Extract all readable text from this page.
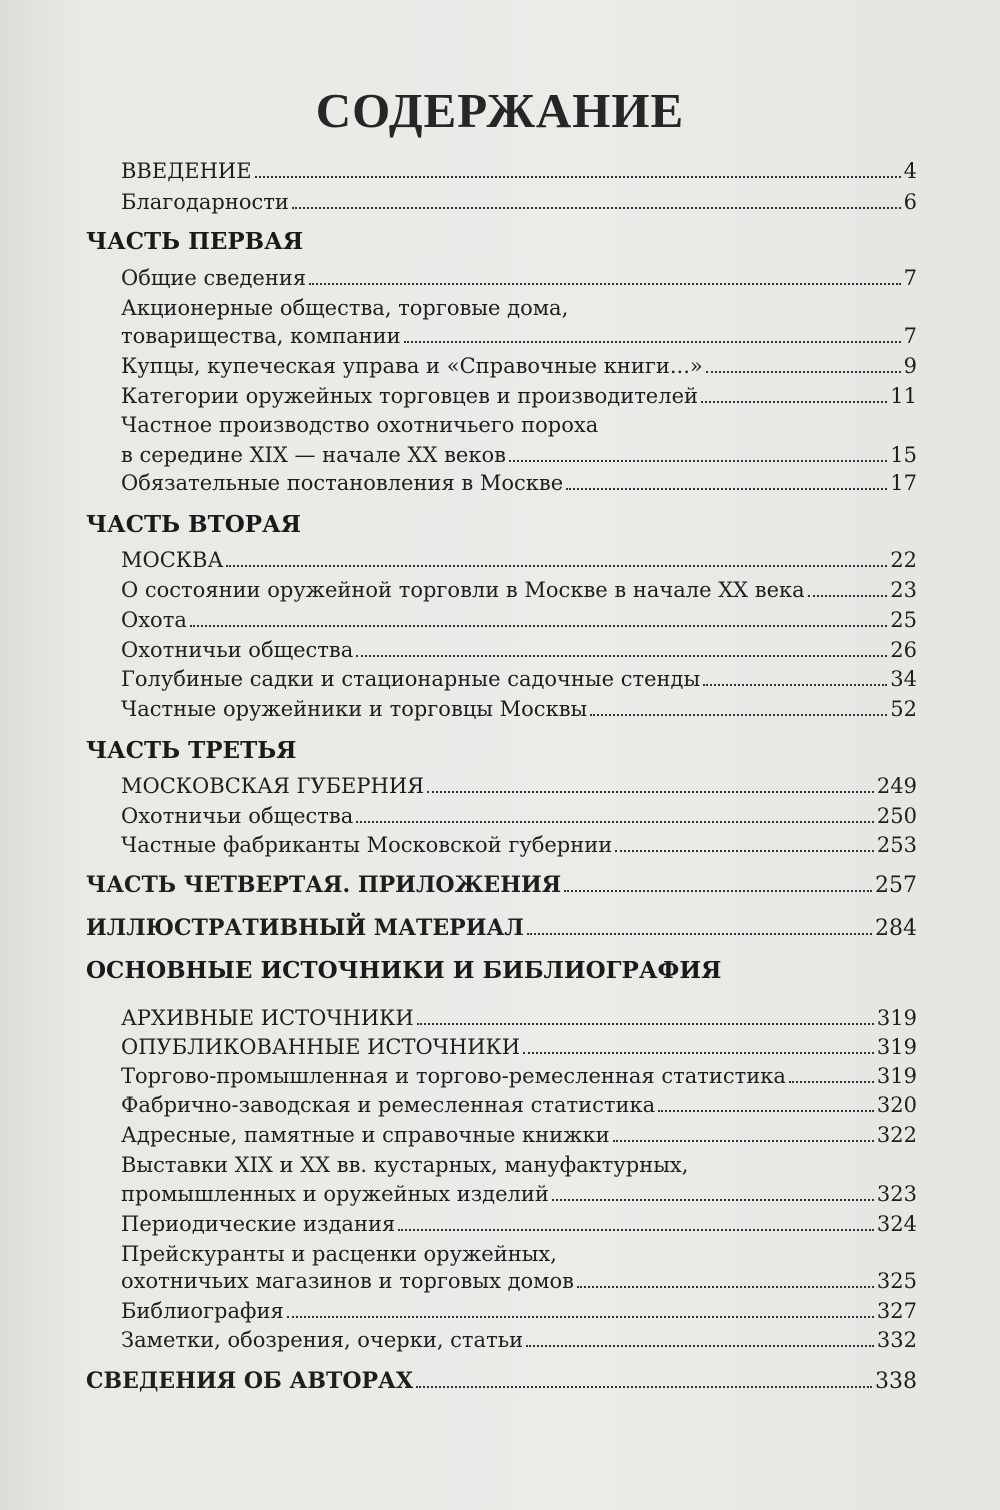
СОДЕРЖАНИЕ
ВВЕДЕНИЕ	4
Благодарности	6
ЧАСТЬ ПЕРВАЯ
Общие сведения	7
Акционерные общества, торговые дома,
товарищества, компании	7
Купцы, купеческая управа и «Справочные книги...»	9
Категории оружейных торговцев и производителей	11
Частное производство охотничьего пороха
в середине XIX — начале XX веков	15
Обязательные постановления в Москве	17
ЧАСТЬ ВТОРАЯ
МОСКВА	22
О состоянии оружейной торговли в Москве в начале XX века	23
Охота	25
Охотничьи общества	26
Голубиные садки и стационарные садочные стенды	34
Частные оружейники и торговцы Москвы	52
ЧАСТЬ ТРЕТЬЯ
МОСКОВСКАЯ ГУБЕРНИЯ	249
Охотничьи общества	250
Частные фабриканты Московской губернии	253
ЧАСТЬ ЧЕТВЕРТАЯ. ПРИЛОЖЕНИЯ	257
ИЛЛЮСТРАТИВНЫЙ МАТЕРИАЛ	284
ОСНОВНЫЕ ИСТОЧНИКИ И БИБЛИОГРАФИЯ
АРХИВНЫЕ ИСТОЧНИКИ	319
ОПУБЛИКОВАННЫЕ ИСТОЧНИКИ	319
Торгово-промышленная и торгово-ремесленная статистика	319
Фабрично-заводская и ремесленная статистика	320
Адресные, памятные и справочные книжки	322
Выставки XIX и XX вв. кустарных, мануфактурных,
промышленных и оружейных изделий	323
Периодические издания	324
Прейскуранты и расценки оружейных,
охотничьих магазинов и торговых домов	325
Библиография	327
Заметки, обозрения, очерки, статьи	332
СВЕДЕНИЯ ОБ АВТОРАХ	338
